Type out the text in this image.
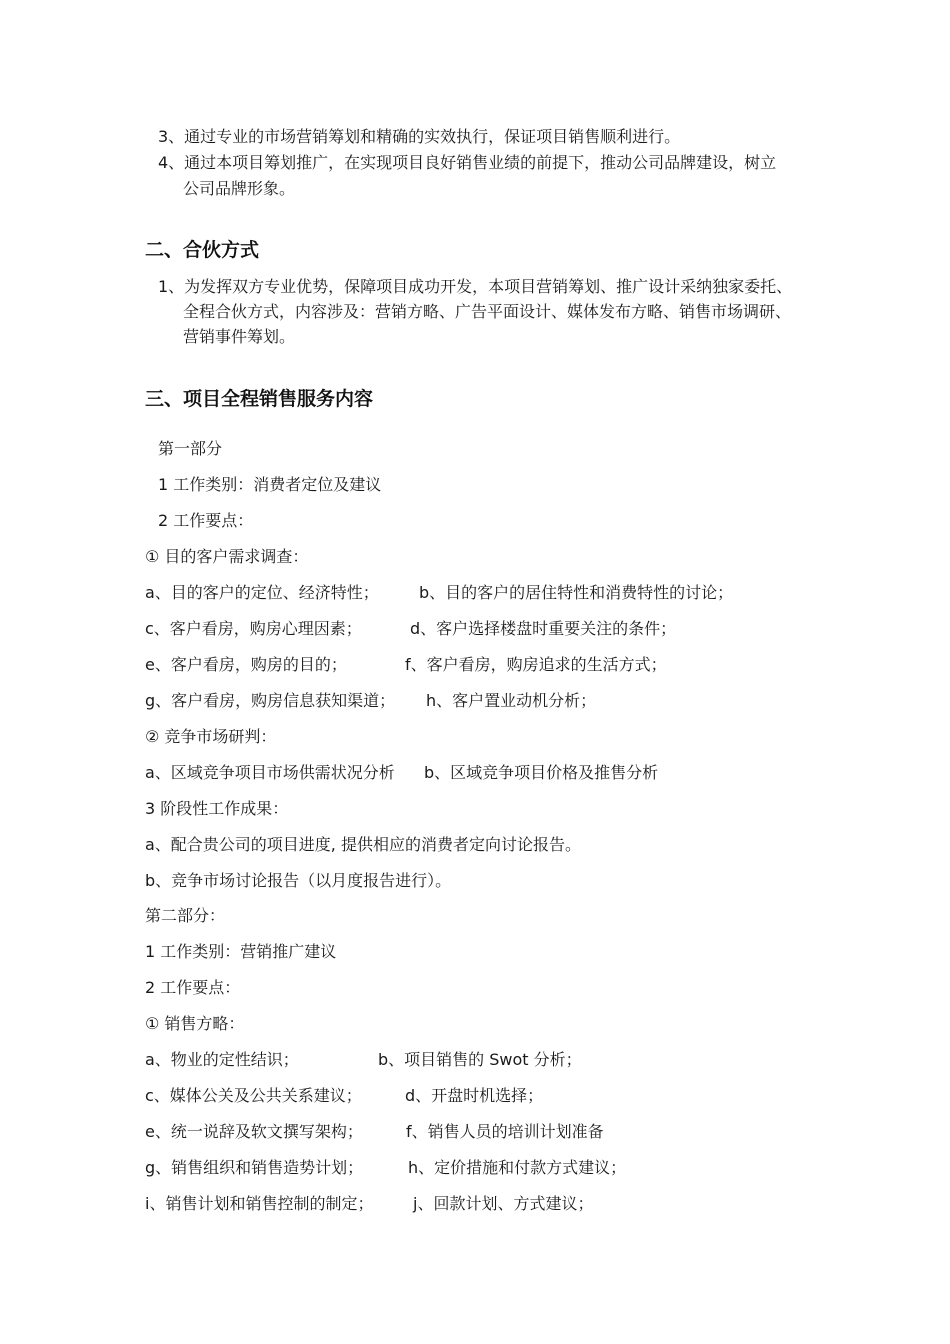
3、通过专业的市场营销筹划和精确的实效执行，保证项目销售顺利进行。
4、通过本项目筹划推广，在实现项目良好销售业绩的前提下，推动公司品牌建设，树立
公司品牌形象。
二、合伙方式
1、为发挥双方专业优势，保障项目成功开发，本项目营销筹划、推广设计采纳独家委托、
全程合伙方式，内容涉及：营销方略、广告平面设计、媒体发布方略、销售市场调研、
营销事件筹划。
三、项目全程销售服务内容
第一部分
1 工作类别：消费者定位及建议
2 工作要点：
① 目的客户需求调查：
a、目的客户的定位、经济特性；	b、目的客户的居住特性和消费特性的讨论；
c、客户看房，购房心理因素；	d、客户选择楼盘时重要关注的条件；
e、客户看房，购房的目的；	f、客户看房，购房追求的生活方式；
g、客户看房，购房信息获知渠道； h、客户置业动机分析；
② 竞争市场研判：
a、区域竞争项目市场供需状况分析 b、区域竞争项目价格及推售分析
3 阶段性工作成果：
a、配合贵公司的项目进度, 提供相应的消费者定向讨论报告。
b、竞争市场讨论报告（以月度报告进行）。
第二部分：
1 工作类别：营销推广建议
2 工作要点：
① 销售方略：
a、物业的定性结识；	b、项目销售的 Swot 分析；
c、媒体公关及公共关系建议；	d、开盘时机选择；
e、统一说辞及软文撰写架构；	f、销售人员的培训计划准备
g、销售组织和销售造势计划；	h、定价措施和付款方式建议；
i、销售计划和销售控制的制定； j、回款计划、方式建议；
